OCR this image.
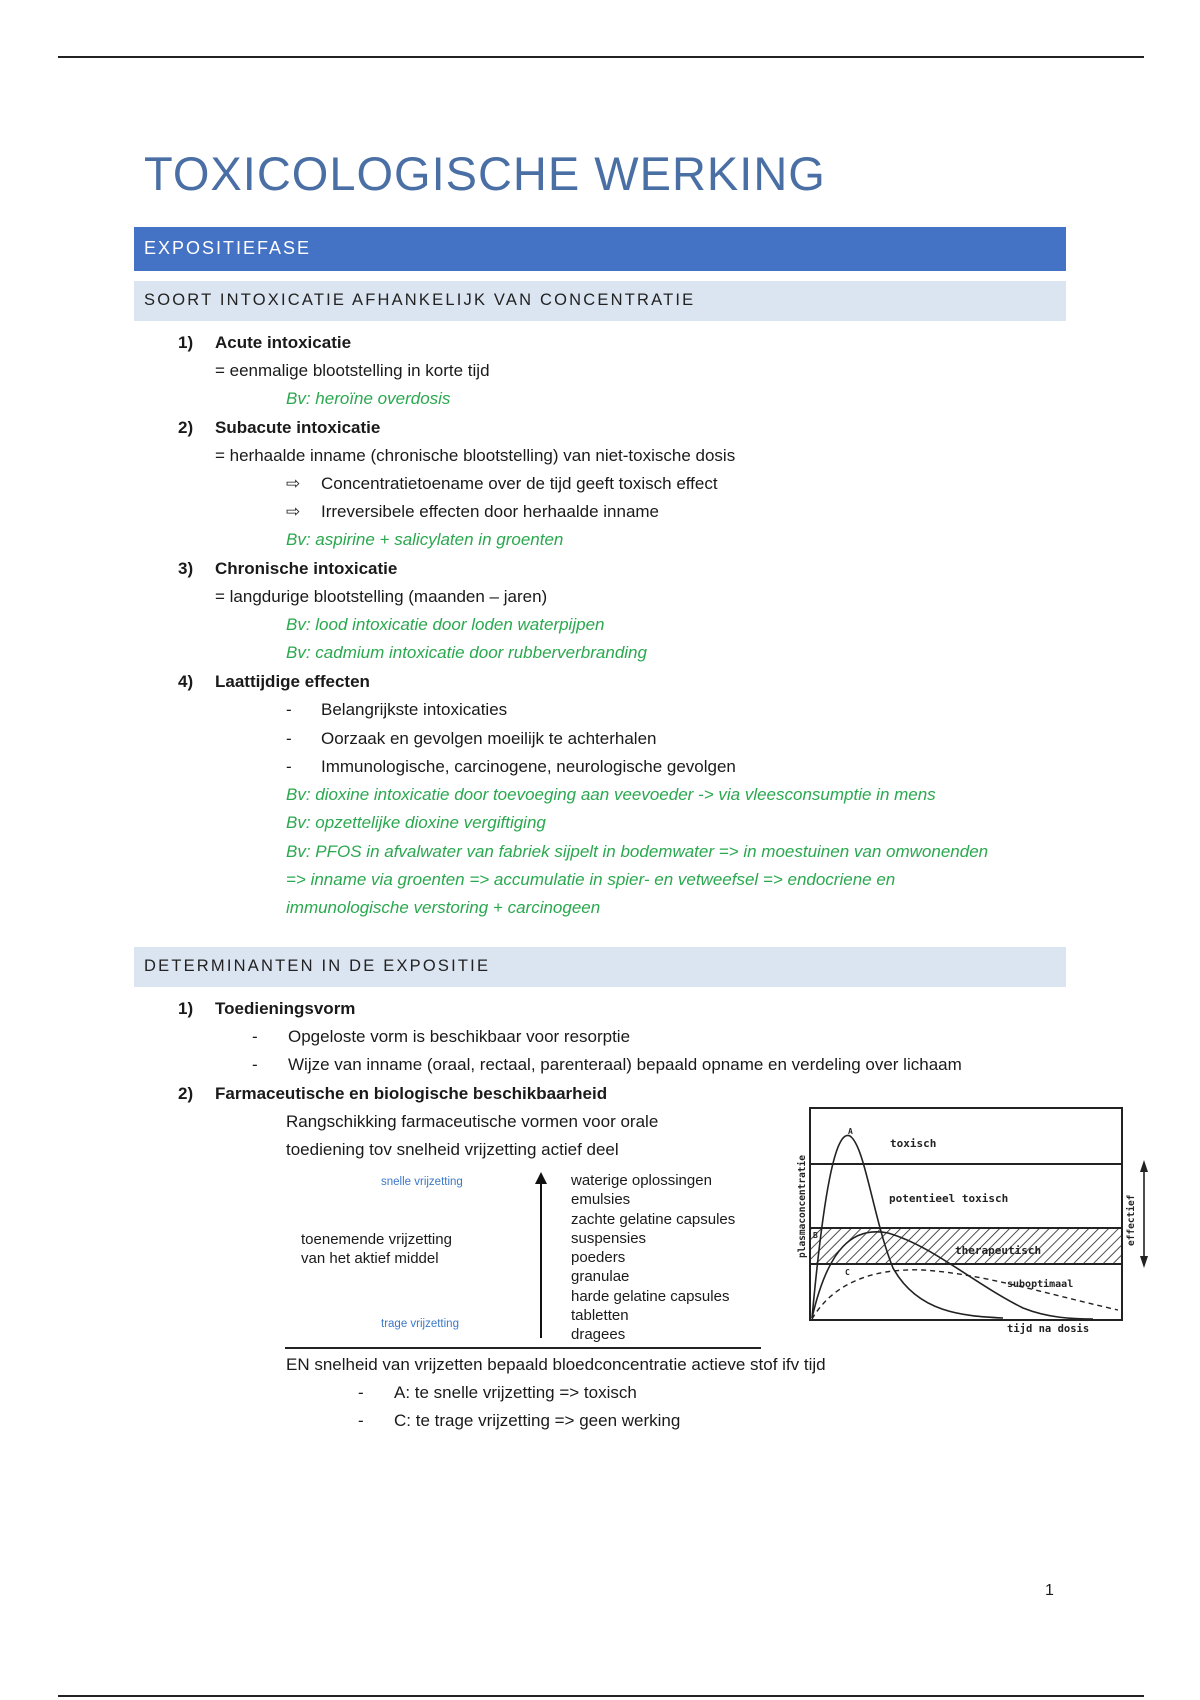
TOXICOLOGISCHE WERKING
EXPOSITIEFASE
SOORT INTOXICATIE AFHANKELIJK VAN CONCENTRATIE
1) Acute intoxicatie
= eenmalige blootstelling in korte tijd
Bv: heroïne overdosis
2) Subacute intoxicatie
= herhaalde inname (chronische blootstelling) van niet-toxische dosis
⇨ Concentratietoename over de tijd geeft toxisch effect
⇨ Irreversibele effecten door herhaalde inname
Bv: aspirine + salicylaten in groenten
3) Chronische intoxicatie
= langdurige blootstelling (maanden – jaren)
Bv: lood intoxicatie door loden waterpijpen
Bv: cadmium intoxicatie door rubberverbranding
4) Laattijdige effecten
- Belangrijkste intoxicaties
- Oorzaak en gevolgen moeilijk te achterhalen
- Immunologische, carcinogene, neurologische gevolgen
Bv: dioxine intoxicatie door toevoeging aan veevoeder -> via vleesconsumptie in mens
Bv: opzettelijke dioxine vergiftiging
Bv: PFOS in afvalwater van fabriek sijpelt in bodemwater => in moestuinen van omwonenden
=> inname via groenten => accumulatie in spier- en vetweefsel => endocriene en
immunologische verstoring + carcinogeen
DETERMINANTEN IN DE EXPOSITIE
1) Toedieningsvorm
- Opgeloste vorm is beschikbaar voor resorptie
- Wijze van inname (oraal, rectaal, parenteraal) bepaald opname en verdeling over lichaam
2) Farmaceutische en biologische beschikbaarheid
Rangschikking farmaceutische vormen voor orale
toediening tov snelheid vrijzetting actief deel
snelle vrijzetting
trage vrijzetting
toenemende vrijzetting
van het aktief middel
waterige oplossingen
emulsies
zachte gelatine capsules
suspensies
poeders
granulae
harde gelatine capsules
tabletten
dragees
plasmaconcentratie	effectief
toxisch
potentieel toxisch
suboptimaal
tijd na dosis
A
C
EN snelheid van vrijzetten bepaald bloedconcentratie actieve stof ifv tijd
- A: te snelle vrijzetting => toxisch
- C: te trage vrijzetting => geen werking
1
